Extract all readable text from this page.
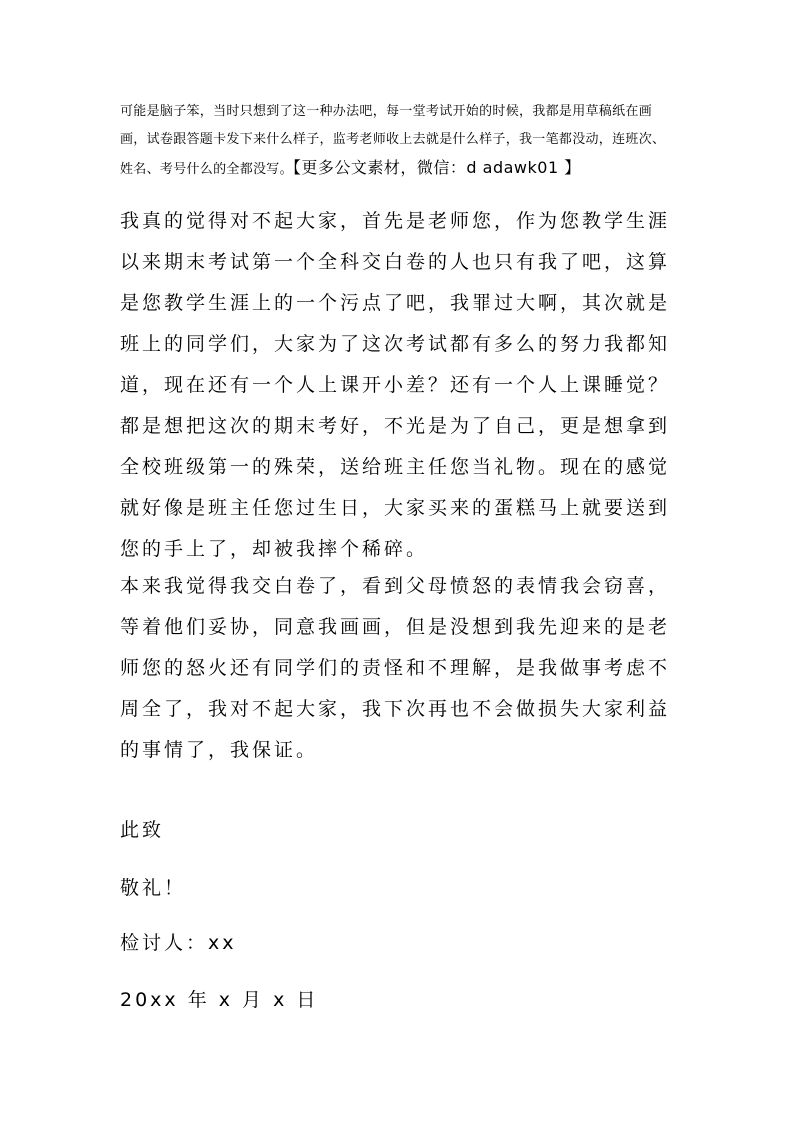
可能是脑子笨，当时只想到了这一种办法吧，每一堂考试开始的时候，我都是用草稿纸在画画，试卷跟答题卡发下来什么样子，监考老师收上去就是什么样子，我一笔都没动，连班次、姓名、考号什么的全都没写。【更多公文素材，微信：d adawk01 】
我真的觉得对不起大家，首先是老师您，作为您教学生涯以来期末考试第一个全科交白卷的人也只有我了吧，这算是您教学生涯上的一个污点了吧，我罪过大啊，其次就是班上的同学们，大家为了这次考试都有多么的努力我都知道，现在还有一个人上课开小差？还有一个人上课睡觉？都是想把这次的期末考好，不光是为了自己，更是想拿到全校班级第一的殊荣，送给班主任您当礼物。现在的感觉就好像是班主任您过生日，大家买来的蛋糕马上就要送到您的手上了，却被我摔个稀碎。
本来我觉得我交白卷了，看到父母愤怒的表情我会窃喜，等着他们妥协，同意我画画，但是没想到我先迎来的是老师您的怒火还有同学们的责怪和不理解，是我做事考虑不周全了，我对不起大家，我下次再也不会做损失大家利益的事情了，我保证。
此致
敬礼！
检讨人：xx
20xx 年 x 月 x 日
